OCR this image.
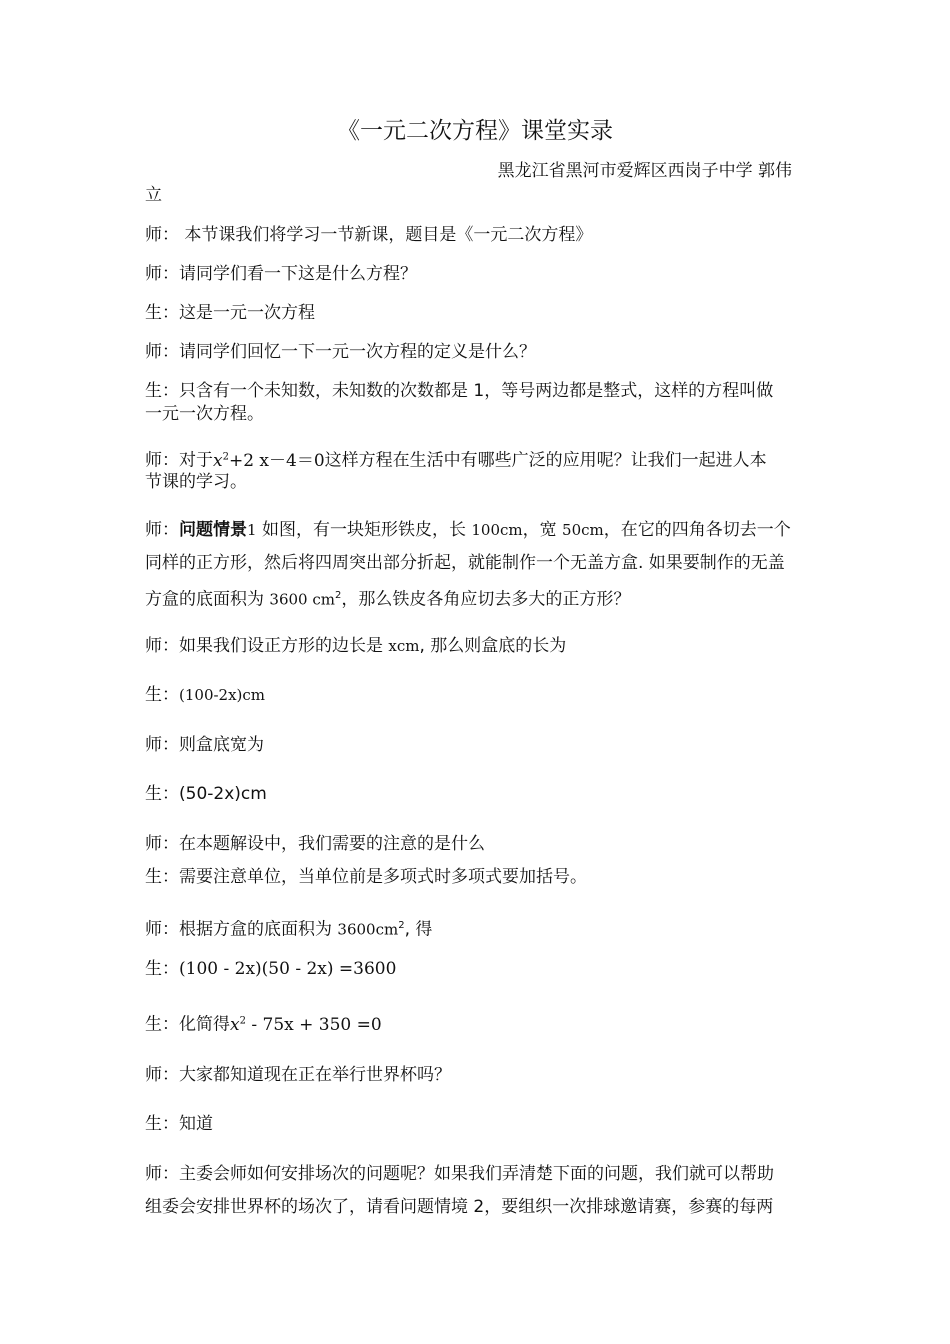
《一元二次方程》课堂实录
黑龙江省黑河市爱辉区西岗子中学 郭伟
立
师： 本节课我们将学习一节新课，题目是《一元二次方程》
师：请同学们看一下这是什么方程？
生：这是一元一次方程
师：请同学们回忆一下一元一次方程的定义是什么？
生：只含有一个未知数，未知数的次数都是 1，等号两边都是整式，这样的方程叫做
一元一次方程。
师：对于$x^2+2$ x－4＝0这样方程在生活中有哪些广泛的应用呢？让我们一起进人本
节课的学习。
师：问题情景1 如图，有一块矩形铁皮，长 100cm，宽 50cm，在它的四角各切去一个
同样的正方形，然后将四周突出部分折起，就能制作一个无盖方盒. 如果要制作的无盖
方盒的底面积为 3600 $cm^2$，那么铁皮各角应切去多大的正方形？
师：如果我们设正方形的边长是 xcm, 那么则盒底的长为
生：(100-2x)cm
师：则盒底宽为
生：(50-2x)cm
师：在本题解设中，我们需要的注意的是什么
生：需要注意单位，当单位前是多项式时多项式要加括号。
师：根据方盒的底面积为 $3600cm^2$, 得
生：(100 - 2x)(50 - 2x) =3600
生：化简得$x^2 - 75x + 350 =0$
师：大家都知道现在正在举行世界杯吗？
生：知道
师：主委会师如何安排场次的问题呢？如果我们弄清楚下面的问题，我们就可以帮助
组委会安排世界杯的场次了，请看问题情境 2，要组织一次排球邀请赛，参赛的每两
